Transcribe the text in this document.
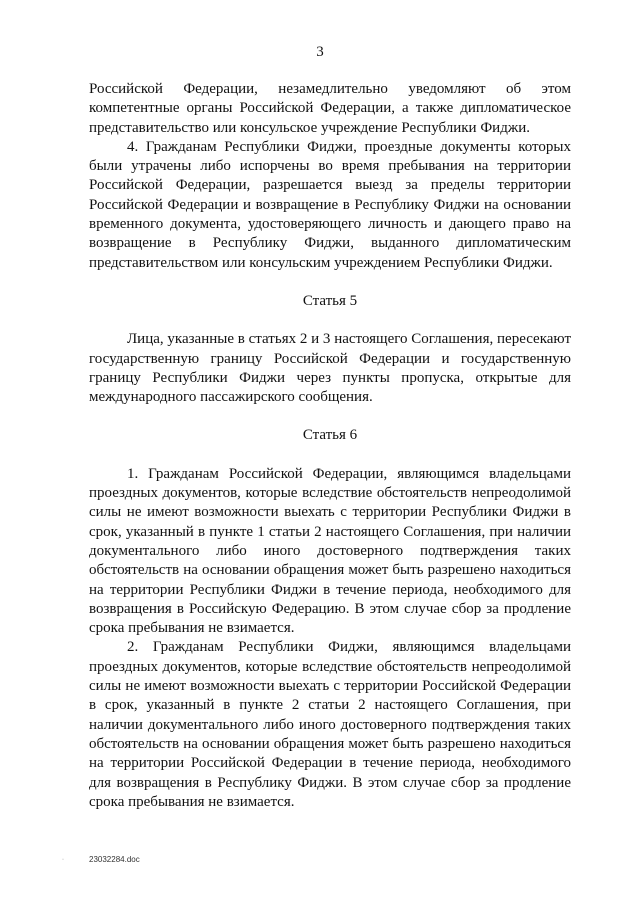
3

Российской Федерации, незамедлительно уведомляют об этом компетентные органы Российской Федерации, а также дипломатическое представительство или консульское учреждение Республики Фиджи.

4. Гражданам Республики Фиджи, проездные документы которых были утрачены либо испорчены во время пребывания на территории Российской Федерации, разрешается выезд за пределы территории Российской Федерации и возвращение в Республику Фиджи на основании временного документа, удостоверяющего личность и дающего право на возвращение в Республику Фиджи, выданного дипломатическим представительством или консульским учреждением Республики Фиджи.

Статья 5

Лица, указанные в статьях 2 и 3 настоящего Соглашения, пересекают государственную границу Российской Федерации и государственную границу Республики Фиджи через пункты пропуска, открытые для международного пассажирского сообщения.

Статья 6

1. Гражданам Российской Федерации, являющимся владельцами проездных документов, которые вследствие обстоятельств непреодолимой силы не имеют возможности выехать с территории Республики Фиджи в срок, указанный в пункте 1 статьи 2 настоящего Соглашения, при наличии документального либо иного достоверного подтверждения таких обстоятельств на основании обращения может быть разрешено находиться на территории Республики Фиджи в течение периода, необходимого для возвращения в Российскую Федерацию. В этом случае сбор за продление срока пребывания не взимается.

2. Гражданам Республики Фиджи, являющимся владельцами проездных документов, которые вследствие обстоятельств непреодолимой силы не имеют возможности выехать с территории Российской Федерации в срок, указанный в пункте 2 статьи 2 настоящего Соглашения, при наличии документального либо иного достоверного подтверждения таких обстоятельств на основании обращения может быть разрешено находиться на территории Российской Федерации в течение периода, необходимого для возвращения в Республику Фиджи. В этом случае сбор за продление срока пребывания не взимается.

·	23032284.doc
